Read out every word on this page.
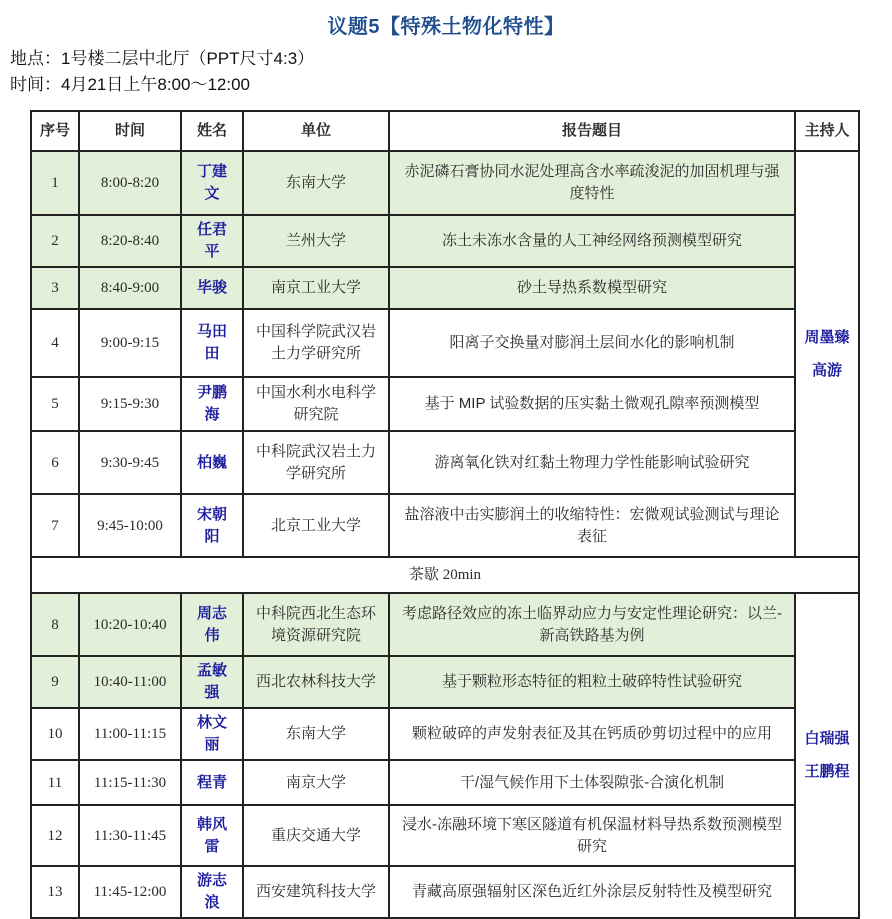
议题5【特殊土物化特性】
地点：1号楼二层中北厅（PPT尺寸4:3）
时间：4月21日上午8:00～12:00
序号	时间	姓名	单位	报告题目	主持人
1	8:00-8:20	丁建文	东南大学	赤泥磷石膏协同水泥处理高含水率疏浚泥的加固机理与强度特性	周墨臻
高游

2	8:20-8:40	任君平	兰州大学	冻土未冻水含量的人工神经网络预测模型研究	
3	8:40-9:00	毕骏	南京工业大学	砂土导热系数模型研究	
4	9:00-9:15	马田田	中国科学院武汉岩土力学研究所	阳离子交换量对膨润土层间水化的影响机制	
5	9:15-9:30	尹鹏海	中国水利水电科学研究院	基于 MIP 试验数据的压实黏土微观孔隙率预测模型	
6	9:30-9:45	柏巍	中科院武汉岩土力学研究所	游离氧化铁对红黏土物理力学性能影响试验研究	
7	9:45-10:00	宋朝阳	北京工业大学	盐溶液中击实膨润土的收缩特性：宏微观试验测试与理论表征	
茶歇 20min					
8	10:20-10:40	周志伟	中科院西北生态环境资源研究院	考虑路径效应的冻土临界动应力与安定性理论研究：以兰-新高铁路基为例	白瑞强
王鹏程

9	10:40-11:00	孟敏强	西北农林科技大学	基于颗粒形态特征的粗粒土破碎特性试验研究	
10	11:00-11:15	林文丽	东南大学	颗粒破碎的声发射表征及其在钙质砂剪切过程中的应用	
11	11:15-11:30	程青	南京大学	干/湿气候作用下土体裂隙张-合演化机制	
12	11:30-11:45	韩风雷	重庆交通大学	浸水-冻融环境下寒区隧道有机保温材料导热系数预测模型研究	
13	11:45-12:00	游志浪	西安建筑科技大学	青藏高原强辐射区深色近红外涂层反射特性及模型研究	
